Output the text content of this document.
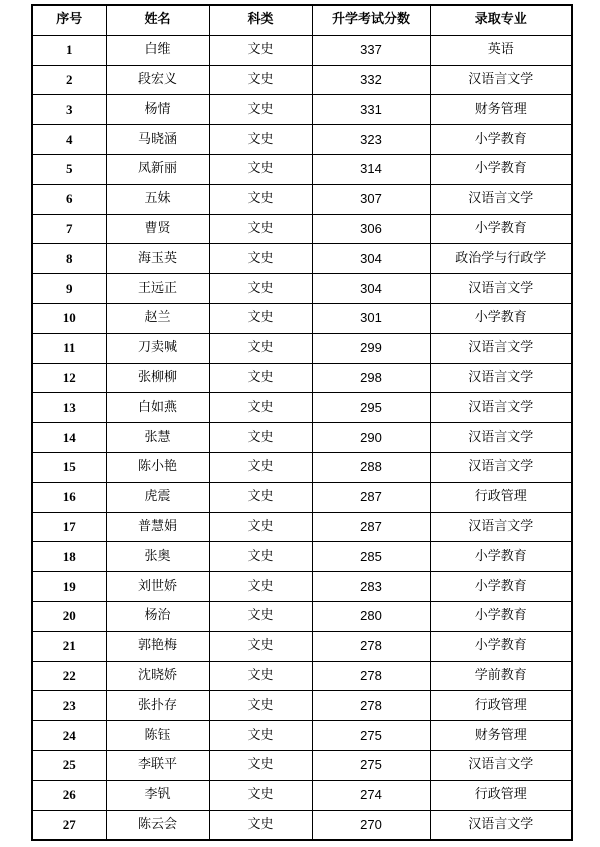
序号	姓名	科类	升学考试分数	录取专业
1	白维	文史	337	英语
2	段宏义	文史	332	汉语言文学
3	杨情	文史	331	财务管理
4	马晓涵	文史	323	小学教育
5	凤新丽	文史	314	小学教育
6	五妹	文史	307	汉语言文学
7	曹贤	文史	306	小学教育
8	海玉英	文史	304	政治学与行政学
9	王远正	文史	304	汉语言文学
10	赵兰	文史	301	小学教育
11	刀卖喊	文史	299	汉语言文学
12	张柳柳	文史	298	汉语言文学
13	白如燕	文史	295	汉语言文学
14	张慧	文史	290	汉语言文学
15	陈小艳	文史	288	汉语言文学
16	虎震	文史	287	行政管理
17	普慧娟	文史	287	汉语言文学
18	张奥	文史	285	小学教育
19	刘世娇	文史	283	小学教育
20	杨治	文史	280	小学教育
21	郭艳梅	文史	278	小学教育
22	沈晓娇	文史	278	学前教育
23	张扑存	文史	278	行政管理
24	陈钰	文史	275	财务管理
25	李联平	文史	275	汉语言文学
26	李钒	文史	274	行政管理
27	陈云会	文史	270	汉语言文学
